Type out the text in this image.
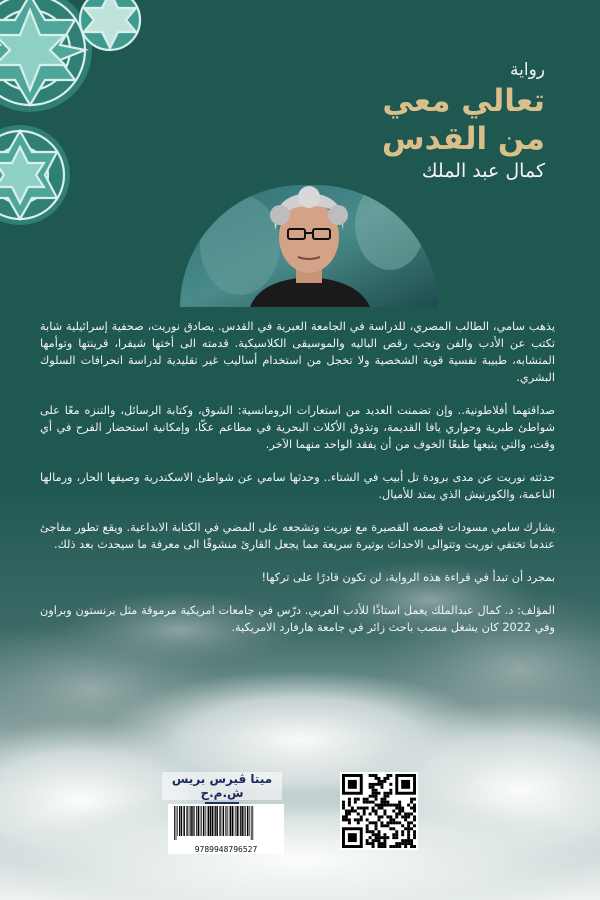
رواية
تعالي معي
من القدس
كمال عبد الملك

يذهب سامي، الطالب المصري، للدراسة في الجامعة العبرية في القدس. يصادق نوريت، صحفية إسرائيلية شابة تكتب عن الأدب والفن وتحب رقص الباليه والموسيقى الكلاسيكية. قدمته الى أختها شيفرا، قرينتها وتوأمها المتشابه، طبيبة نفسية قوية الشخصية ولا تخجل من استخدام أساليب غير تقليدية لدراسة انحرافات السلوك البشري.

صداقتهما أفلاطونية.. وإن تضمنت العديد من استعارات الرومانسية: الشوق، وكتابة الرسائل، والتنزه معًا على شواطئ طبرية وحواري يافا القديمة، وتذوق الأكلات البحرية في مطاعم عكّا، وإمكانية استحضار الفرح في أي وقت، والتي يتبعها طبعًا الخوف من أن يفقد الواحد منهما الآخر.

حدثته نوريت عن مدى برودة تل أبيب في الشتاء.. وحدثها سامي عن شواطئ الاسكندرية وصيفها الحار، ورمالها الناعمة، والكورنيش الذي يمتد للأميال.

يشارك سامي مسودات قصصه القصيرة مع نوريت وتشجعه على المضي في الكتابة الابداعية. ويقع تطور مفاجئ عندما تختفي نوريت وتتوالى الاحداث بوتيرة سريعة مما يجعل القارئ منشوقًا الى معرفة ما سيحدث بعد ذلك.

بمجرد أن تبدأ في قراءة هذه الرواية، لن تكون قادرًا على تركها!

المؤلف: د. كمال عبدالملك يعمل استاذًا للأدب العربي. درّس في جامعات امريكية مرموقة مثل برنستون وبراون وفي 2022 كان يشغل منصب باحث زائر في جامعة هارفارد الامريكية.

ميتا ڤيرس بريس ش.م.ح
9789948796527
